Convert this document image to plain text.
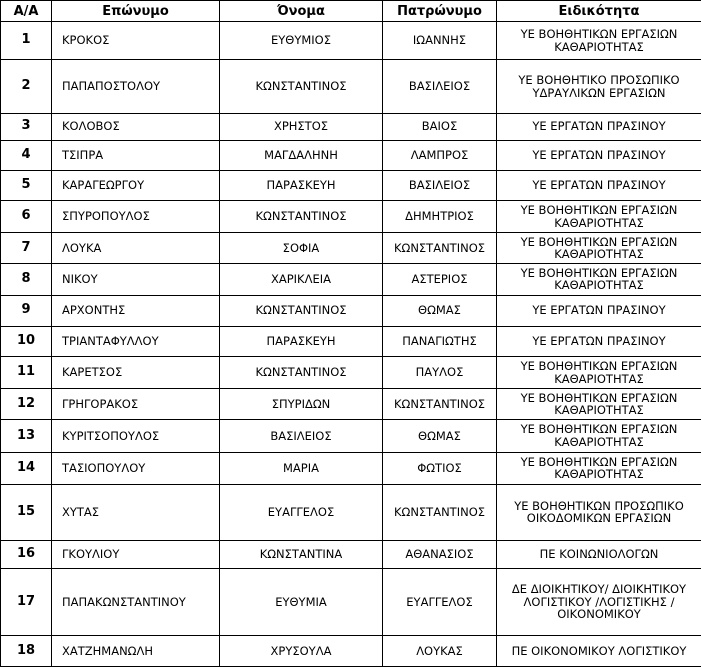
Α/Α	Επώνυμο	Όνομα	Πατρώνυμο	Ειδικότητα
1	ΚΡΟΚΟΣ	ΕΥΘΥΜΙΟΣ	ΙΩΑΝΝΗΣ	ΥΕ ΒΟΗΘΗΤΙΚΩΝ ΕΡΓΑΣΙΩΝ ΚΑΘΑΡΙΟΤΗΤΑΣ
2	ΠΑΠΑΠΟΣΤΟΛΟΥ	ΚΩΝΣΤΑΝΤΙΝΟΣ	ΒΑΣΙΛΕΙΟΣ	ΥΕ ΒΟΗΘΗΤΙΚΟ ΠΡΟΣΩΠΙΚΟ ΥΔΡΑΥΛΙΚΩΝ ΕΡΓΑΣΙΩΝ
3	ΚΟΛΟΒΟΣ	ΧΡΗΣΤΟΣ	ΒΑΙΟΣ	ΥΕ ΕΡΓΑΤΩΝ ΠΡΑΣΙΝΟΥ
4	ΤΣΙΠΡΑ	ΜΑΓΔΑΛΗΝΗ	ΛΑΜΠΡΟΣ	ΥΕ ΕΡΓΑΤΩΝ ΠΡΑΣΙΝΟΥ
5	ΚΑΡΑΓΕΩΡΓΟΥ	ΠΑΡΑΣΚΕΥΗ	ΒΑΣΙΛΕΙΟΣ	ΥΕ ΕΡΓΑΤΩΝ ΠΡΑΣΙΝΟΥ
6	ΣΠΥΡΟΠΟΥΛΟΣ	ΚΩΝΣΤΑΝΤΙΝΟΣ	ΔΗΜΗΤΡΙΟΣ	ΥΕ ΒΟΗΘΗΤΙΚΩΝ ΕΡΓΑΣΙΩΝ ΚΑΘΑΡΙΟΤΗΤΑΣ
7	ΛΟΥΚΑ	ΣΟΦΙΑ	ΚΩΝΣΤΑΝΤΙΝΟΣ	ΥΕ ΒΟΗΘΗΤΙΚΩΝ ΕΡΓΑΣΙΩΝ ΚΑΘΑΡΙΟΤΗΤΑΣ
8	ΝΙΚΟΥ	ΧΑΡΙΚΛΕΙΑ	ΑΣΤΕΡΙΟΣ	ΥΕ ΒΟΗΘΗΤΙΚΩΝ ΕΡΓΑΣΙΩΝ ΚΑΘΑΡΙΟΤΗΤΑΣ
9	ΑΡΧΟΝΤΗΣ	ΚΩΝΣΤΑΝΤΙΝΟΣ	ΘΩΜΑΣ	ΥΕ ΕΡΓΑΤΩΝ ΠΡΑΣΙΝΟΥ
10	ΤΡΙΑΝΤΑΦΥΛΛΟΥ	ΠΑΡΑΣΚΕΥΗ	ΠΑΝΑΓΙΩΤΗΣ	ΥΕ ΕΡΓΑΤΩΝ ΠΡΑΣΙΝΟΥ
11	ΚΑΡΕΤΣΟΣ	ΚΩΝΣΤΑΝΤΙΝΟΣ	ΠΑΥΛΟΣ	ΥΕ ΒΟΗΘΗΤΙΚΩΝ ΕΡΓΑΣΙΩΝ ΚΑΘΑΡΙΟΤΗΤΑΣ
12	ΓΡΗΓΟΡΑΚΟΣ	ΣΠΥΡΙΔΩΝ	ΚΩΝΣΤΑΝΤΙΝΟΣ	ΥΕ ΒΟΗΘΗΤΙΚΩΝ ΕΡΓΑΣΙΩΝ ΚΑΘΑΡΙΟΤΗΤΑΣ
13	ΚΥΡΙΤΣΟΠΟΥΛΟΣ	ΒΑΣΙΛΕΙΟΣ	ΘΩΜΑΣ	ΥΕ ΒΟΗΘΗΤΙΚΩΝ ΕΡΓΑΣΙΩΝ ΚΑΘΑΡΙΟΤΗΤΑΣ
14	ΤΑΣΙΟΠΟΥΛΟΥ	ΜΑΡΙΑ	ΦΩΤΙΟΣ	ΥΕ ΒΟΗΘΗΤΙΚΩΝ ΕΡΓΑΣΙΩΝ ΚΑΘΑΡΙΟΤΗΤΑΣ
15	ΧΥΤΑΣ	ΕΥΑΓΓΕΛΟΣ	ΚΩΝΣΤΑΝΤΙΝΟΣ	ΥΕ ΒΟΗΘΗΤΙΚΩΝ ΠΡΟΣΩΠΙΚΟ ΟΙΚΟΔΟΜΙΚΩΝ ΕΡΓΑΣΙΩΝ
16	ΓΚΟΥΛΙΟΥ	ΚΩΝΣΤΑΝΤΙΝΑ	ΑΘΑΝΑΣΙΟΣ	ΠΕ ΚΟΙΝΩΝΙΟΛΟΓΩΝ
17	ΠΑΠΑΚΩΝΣΤΑΝΤΙΝΟΥ	ΕΥΘΥΜΙΑ	ΕΥΑΓΓΕΛΟΣ	ΔΕ ΔΙΟΙΚΗΤΙΚΟΥ/ ΔΙΟΙΚΗΤΙΚΟΥ ΛΟΓΙΣΤΙΚΟΥ /ΛΟΓΙΣΤΙΚΗΣ / ΟΙΚΟΝΟΜΙΚΟΥ
18	ΧΑΤΖΗΜΑΝΩΛΗ	ΧΡΥΣΟΥΛΑ	ΛΟΥΚΑΣ	ΠΕ ΟΙΚΟΝΟΜΙΚΟΥ ΛΟΓΙΣΤΙΚΟΥ
